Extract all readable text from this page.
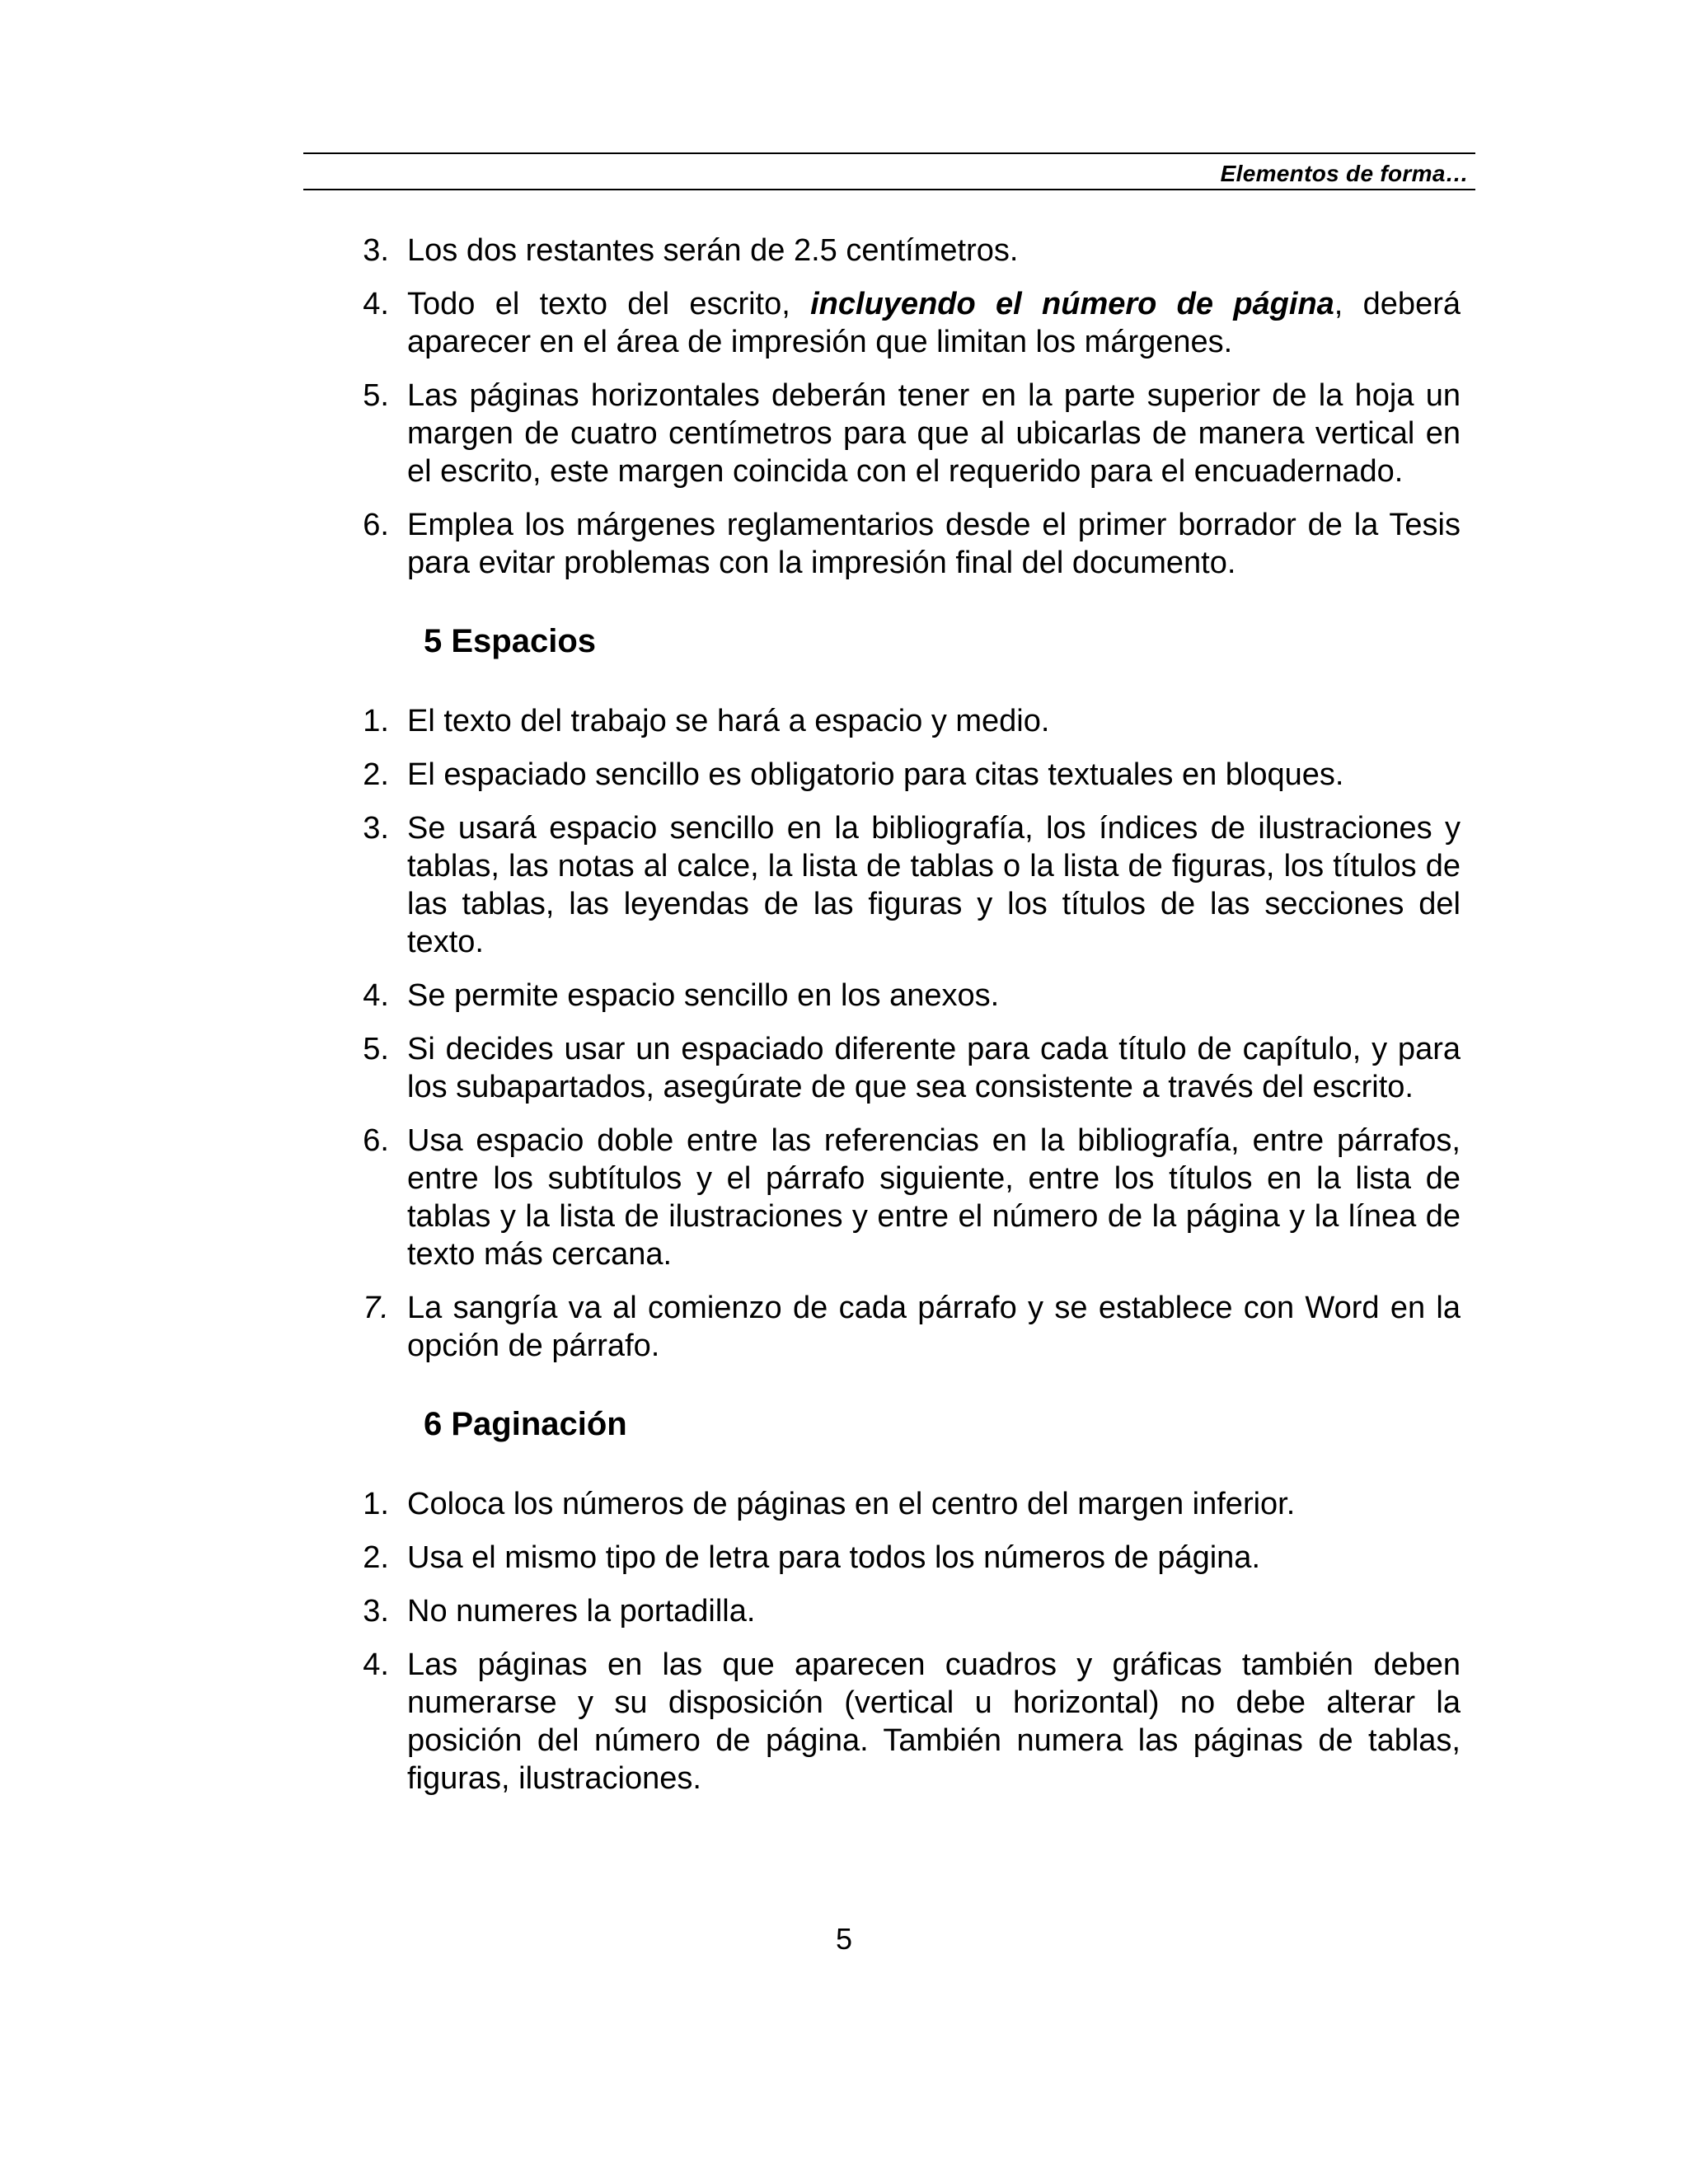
Elementos de forma…
3. Los dos restantes serán de 2.5 centímetros.
4. Todo el texto del escrito, incluyendo el número de página, deberá aparecer en el área de impresión que limitan los márgenes.
5. Las páginas horizontales deberán tener en la parte superior de la hoja un margen de cuatro centímetros para que al ubicarlas de manera vertical en el escrito, este margen coincida con el requerido para el encuadernado.
6. Emplea los márgenes reglamentarios desde el primer borrador de la Tesis para evitar problemas con la impresión final del documento.
5 Espacios
1. El texto del trabajo se hará a espacio y medio.
2. El espaciado sencillo es obligatorio para citas textuales en bloques.
3. Se usará espacio sencillo en la bibliografía, los índices de ilustraciones y tablas, las notas al calce, la lista de tablas o la lista de figuras, los títulos de las tablas, las leyendas de las figuras y los títulos de las secciones del texto.
4. Se permite espacio sencillo en los anexos.
5. Si decides usar un espaciado diferente para cada título de capítulo, y para los subapartados, asegúrate de que sea consistente a través del escrito.
6. Usa espacio doble entre las referencias en la bibliografía, entre párrafos, entre los subtítulos y el párrafo siguiente, entre los títulos en la lista de tablas y la lista de ilustraciones y entre el número de la página y la línea de texto más cercana.
7. La sangría va al comienzo de cada párrafo y se establece con Word en la opción de párrafo.
6 Paginación
1. Coloca los números de páginas en el centro del margen inferior.
2. Usa el mismo tipo de letra para todos los números de página.
3. No numeres la portadilla.
4. Las páginas en las que aparecen cuadros y gráficas también deben numerarse y su disposición (vertical u horizontal) no debe alterar la posición del número de página. También numera las páginas de tablas, figuras, ilustraciones.
5
